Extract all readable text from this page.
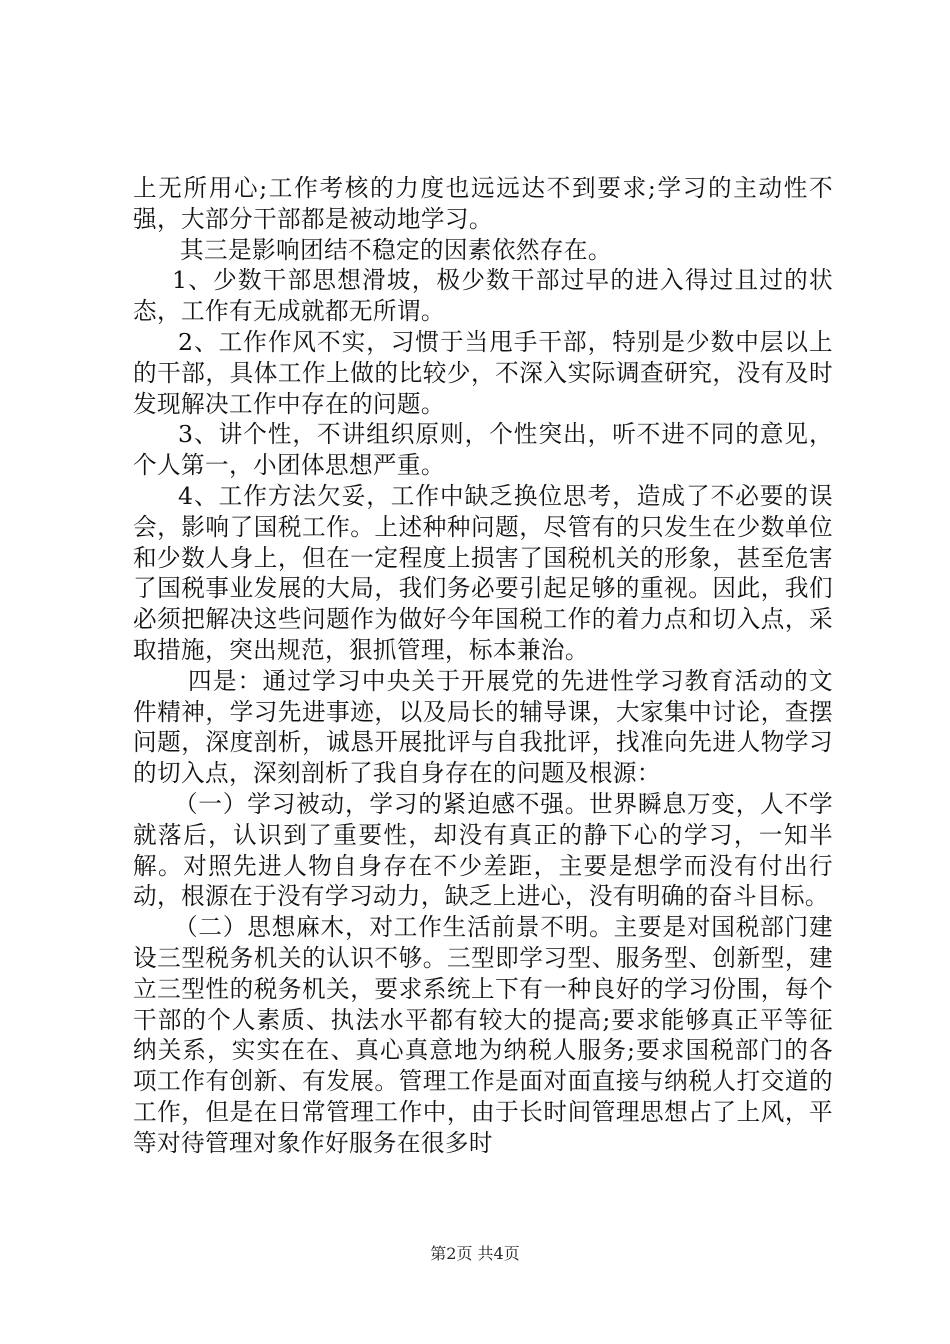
上无所用心;工作考核的力度也远远达不到要求;学习的主动性不强，大部分干部都是被动地学习。

其三是影响团结不稳定的因素依然存在。

1、少数干部思想滑坡，极少数干部过早的进入得过且过的状态，工作有无成就都无所谓。

2、工作作风不实，习惯于当甩手干部，特别是少数中层以上的干部，具体工作上做的比较少，不深入实际调查研究，没有及时发现解决工作中存在的问题。

3、讲个性，不讲组织原则，个性突出，听不进不同的意见，个人第一，小团体思想严重。

4、工作方法欠妥，工作中缺乏换位思考，造成了不必要的误会，影响了国税工作。上述种种问题，尽管有的只发生在少数单位和少数人身上，但在一定程度上损害了国税机关的形象，甚至危害了国税事业发展的大局，我们务必要引起足够的重视。因此，我们必须把解决这些问题作为做好今年国税工作的着力点和切入点，采取措施，突出规范，狠抓管理，标本兼治。

四是：通过学习中央关于开展党的先进性学习教育活动的文件精神，学习先进事迹，以及局长的辅导课，大家集中讨论，查摆问题，深度剖析，诚恳开展批评与自我批评，找准向先进人物学习的切入点，深刻剖析了我自身存在的问题及根源：

（一）学习被动，学习的紧迫感不强。世界瞬息万变，人不学就落后，认识到了重要性，却没有真正的静下心的学习，一知半解。对照先进人物自身存在不少差距，主要是想学而没有付出行动，根源在于没有学习动力，缺乏上进心，没有明确的奋斗目标。

（二）思想麻木，对工作生活前景不明。主要是对国税部门建设三型税务机关的认识不够。三型即学习型、服务型、创新型，建立三型性的税务机关，要求系统上下有一种良好的学习份围，每个干部的个人素质、执法水平都有较大的提高;要求能够真正平等征纳关系，实实在在、真心真意地为纳税人服务;要求国税部门的各项工作有创新、有发展。管理工作是面对面直接与纳税人打交道的工作，但是在日常管理工作中，由于长时间管理思想占了上风，平等对待管理对象作好服务在很多时

第2页 共4页
